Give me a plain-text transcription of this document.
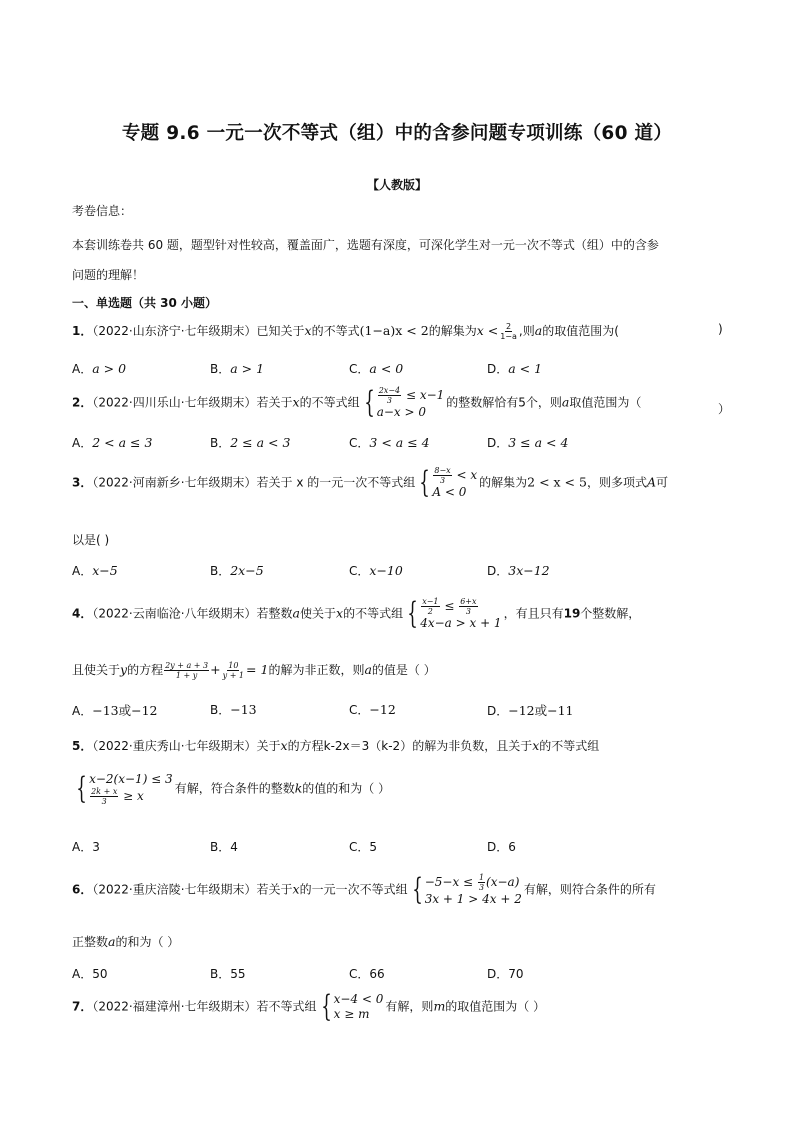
专题 9.6 一元一次不等式（组）中的含参问题专项训练（60 道）
【人教版】
考卷信息：
本套训练卷共 60 题，题型针对性较高，覆盖面广，选题有深度，可深化学生对一元一次不等式（组）中的含参
问题的理解！
一、单选题（共 30 小题）
1．（2022·山东济宁·七年级期末）已知关于x的不等式(1−a)x < 2的解集为$x < \frac{2}{1-a}$ ,则a的取值范围为(	)
A．a > 0	B．a > 1	C．a < 0	D．a < 1
2．（2022·四川乐山·七年级期末）若关于x的不等式组 { $\frac{2x-4}{3} \le x-1$
a−x > 0
的整数解恰有5个，则a取值范围为（	）
A．2 < a ≤ 3	B．2 ≤ a < 3	C．3 < a ≤ 4	D．3 ≤ a < 4
3．（2022·河南新乡·七年级期末）若关于 x 的一元一次不等式组 { $\frac{8-x}{3} < x$
A < 0
的解集为2 < x < 5，则多项式A可
以是( )
A．x−5	B．2x−5	C．x−10	D．3x−12
4．（2022·云南临沧·八年级期末）若整数a使关于x的不等式组 { $\frac{x-1}{2} \le \frac{6+x}{3}$
4x−a > x + 1
，有且只有19个整数解，
且使关于y的方程 $\frac{2y + a + 3}{1 + y} + \frac{10}{y + 1} = 1$的解为非正数，则a的值是（ ）
A．−13或−12	B．−13	C．−12	D．−12或−11
5．（2022·重庆秀山·七年级期末）关于x的方程k-2x＝3（k-2）的解为非负数，且关于x的不等式组
{ x−2(x−1) ≤ 3
$\frac{2k + x}{3} \ge x$
有解，符合条件的整数k的值的和为（ ）
A．3	B．4	C．5	D．6
6．（2022·重庆涪陵·七年级期末）若关于x的一元一次不等式组 { $-5-x \le \frac{1}{3} (x-a)$
3x + 1 > 4x + 2
有解，则符合条件的所有
正整数a的和为（ ）
A．50	B．55	C．66	D．70
7．（2022·福建漳州·七年级期末）若不等式组 { x−4 < 0
x ≥ m
有解，则m的取值范围为（ ）
